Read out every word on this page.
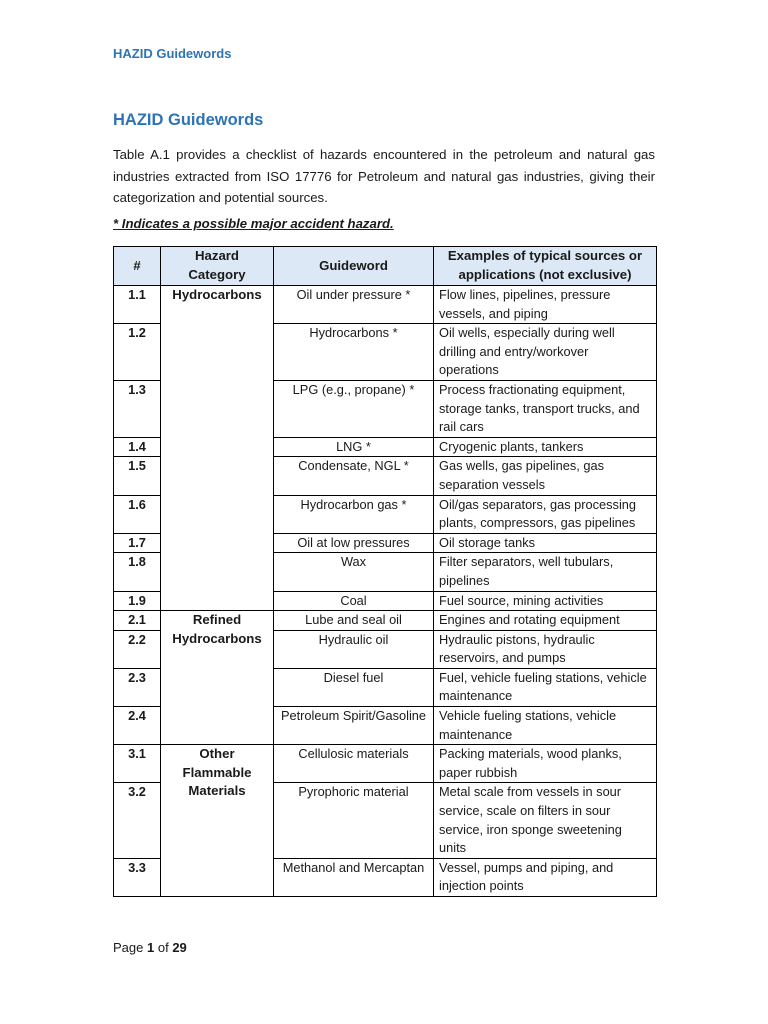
HAZID Guidewords
HAZID Guidewords

Table A.1 provides a checklist of hazards encountered in the petroleum and natural gas industries extracted from ISO 17776 for Petroleum and natural gas industries, giving their categorization and potential sources.

* Indicates a possible major accident hazard.
#	Hazard Category	Guideword	Examples of typical sources or applications (not exclusive)
1.1	Hydrocarbons	Oil under pressure *	Flow lines, pipelines, pressure vessels, and piping
1.2		Hydrocarbons *	Oil wells, especially during well drilling and entry/workover operations
1.3		LPG (e.g., propane) *	Process fractionating equipment, storage tanks, transport trucks, and rail cars
1.4		LNG *	Cryogenic plants, tankers
1.5		Condensate, NGL *	Gas wells, gas pipelines, gas separation vessels
1.6		Hydrocarbon gas *	Oil/gas separators, gas processing plants, compressors, gas pipelines
1.7		Oil at low pressures	Oil storage tanks
1.8		Wax	Filter separators, well tubulars, pipelines
1.9		Coal	Fuel source, mining activities
2.1	Refined Hydrocarbons	Lube and seal oil	Engines and rotating equipment
2.2		Hydraulic oil	Hydraulic pistons, hydraulic reservoirs, and pumps
2.3		Diesel fuel	Fuel, vehicle fueling stations, vehicle maintenance
2.4		Petroleum Spirit/Gasoline	Vehicle fueling stations, vehicle maintenance
3.1	Other Flammable Materials	Cellulosic materials	Packing materials, wood planks, paper rubbish
3.2		Pyrophoric material	Metal scale from vessels in sour service, scale on filters in sour service, iron sponge sweetening units
3.3		Methanol and Mercaptan	Vessel, pumps and piping, and injection points
Page 1 of 29
